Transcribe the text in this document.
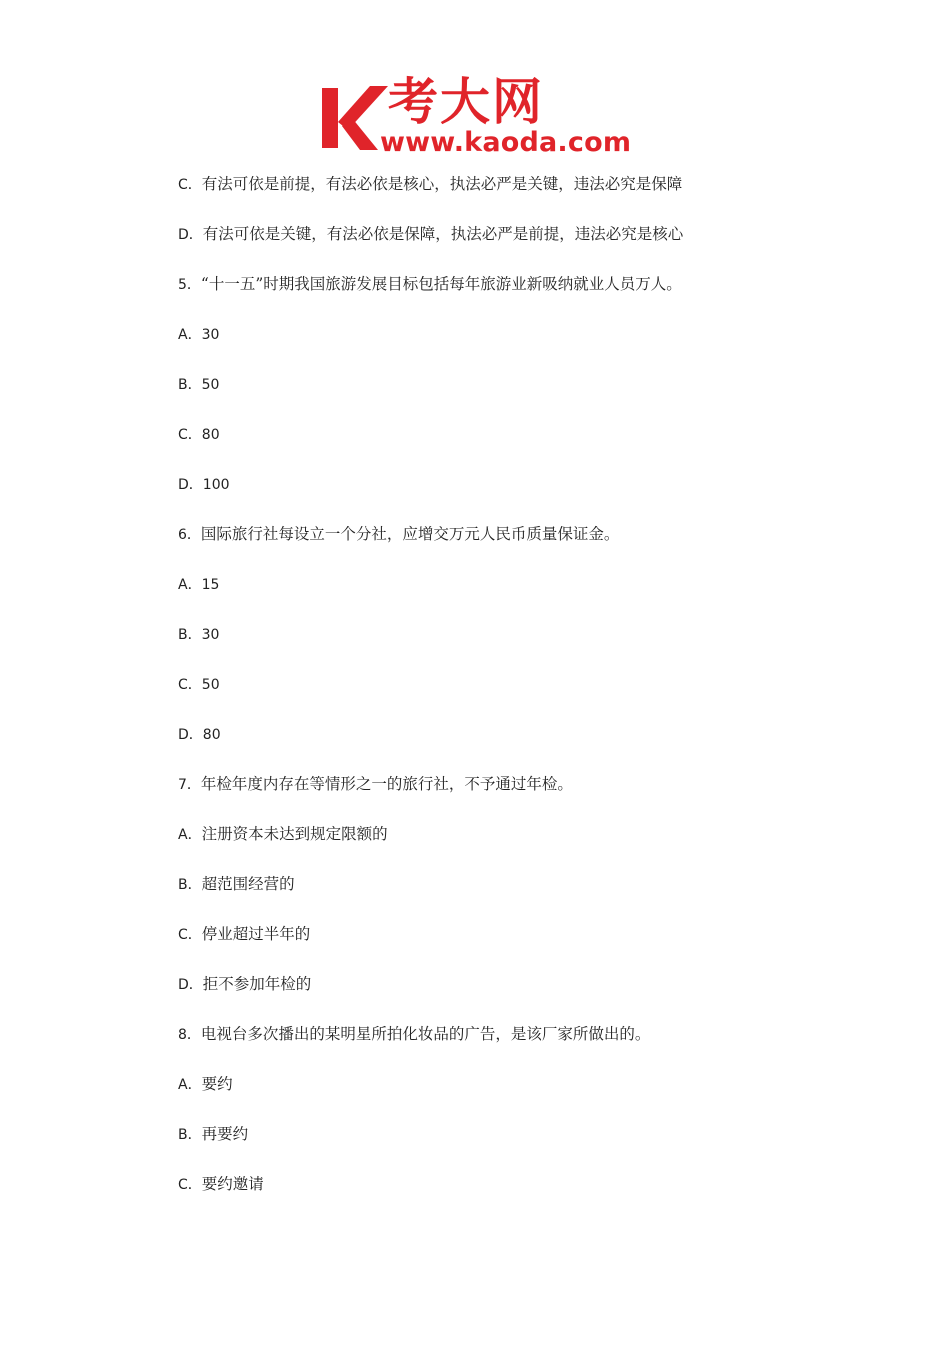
考大网
www.kaoda.com
C．有法可依是前提，有法必依是核心，执法必严是关键，违法必究是保障
D．有法可依是关键，有法必依是保障，执法必严是前提，违法必究是核心
5．“十一五”时期我国旅游发展目标包括每年旅游业新吸纳就业人员万人。
A．30
B．50
C．80
D．100
6．国际旅行社每设立一个分社，应增交万元人民币质量保证金。
A．15
B．30
C．50
D．80
7．年检年度内存在等情形之一的旅行社，不予通过年检。
A．注册资本未达到规定限额的
B．超范围经营的
C．停业超过半年的
D．拒不参加年检的
8．电视台多次播出的某明星所拍化妆品的广告，是该厂家所做出的。
A．要约
B．再要约
C．要约邀请
